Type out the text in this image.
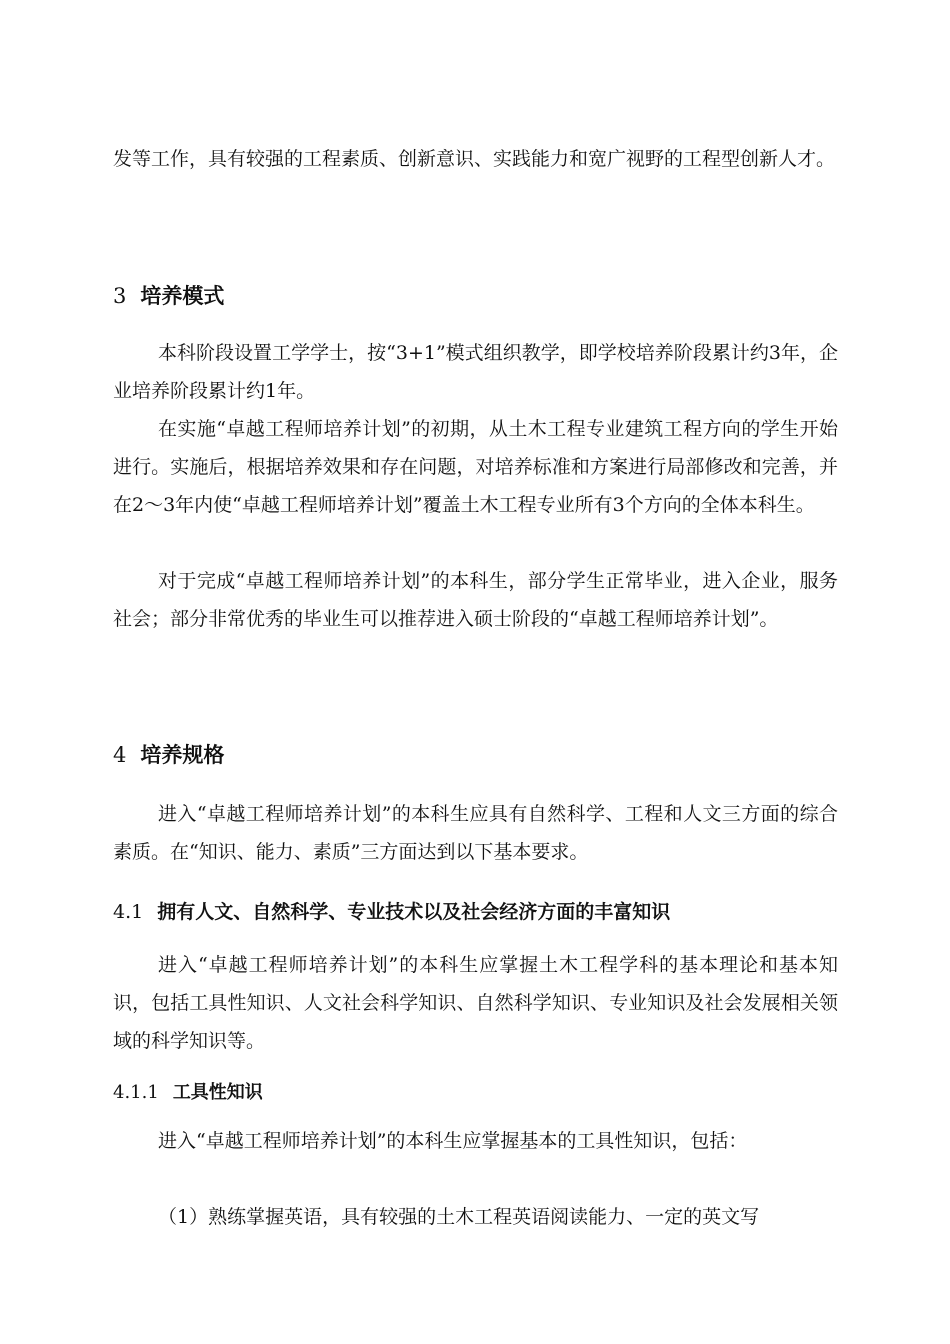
发等工作，具有较强的工程素质、创新意识、实践能力和宽广视野的工程型创新人才。

3 培养模式

本科阶段设置工学学士，按“3+1”模式组织教学，即学校培养阶段累计约3年，企业培养阶段累计约1年。

在实施“卓越工程师培养计划”的初期，从土木工程专业建筑工程方向的学生开始进行。实施后，根据培养效果和存在问题，对培养标准和方案进行局部修改和完善，并在2～3年内使“卓越工程师培养计划”覆盖土木工程专业所有3个方向的全体本科生。

对于完成“卓越工程师培养计划”的本科生，部分学生正常毕业，进入企业，服务社会；部分非常优秀的毕业生可以推荐进入硕士阶段的“卓越工程师培养计划”。

4 培养规格

进入“卓越工程师培养计划”的本科生应具有自然科学、工程和人文三方面的综合素质。在“知识、能力、素质”三方面达到以下基本要求。

4.1 拥有人文、自然科学、专业技术以及社会经济方面的丰富知识

进入“卓越工程师培养计划”的本科生应掌握土木工程学科的基本理论和基本知识，包括工具性知识、人文社会科学知识、自然科学知识、专业知识及社会发展相关领域的科学知识等。

4.1.1 工具性知识

进入“卓越工程师培养计划”的本科生应掌握基本的工具性知识，包括：

（1）熟练掌握英语，具有较强的土木工程英语阅读能力、一定的英文写
